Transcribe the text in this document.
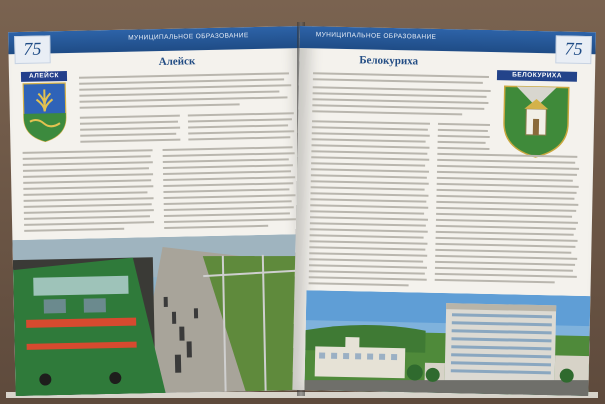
МУНИЦИПАЛЬНОЕ ОБРАЗОВАНИЕ
75
Алейск
АЛЕЙСК
МУНИЦИПАЛЬНОЕ ОБРАЗОВАНИЕ
75
Белокуриха
БЕЛОКУРИХА
